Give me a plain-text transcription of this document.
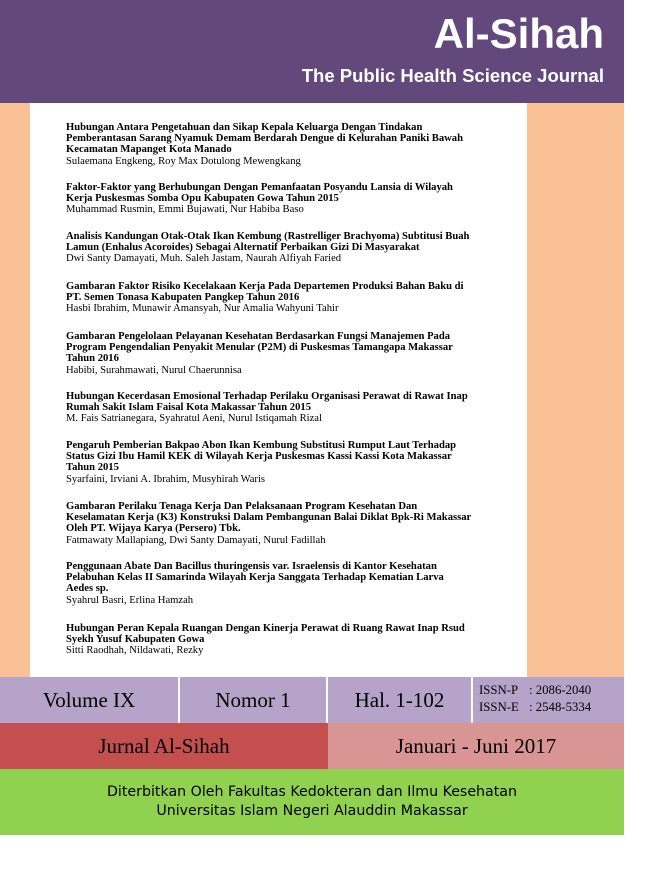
Al-Sihah
The Public Health Science Journal
Hubungan Antara Pengetahuan dan Sikap Kepala Keluarga Dengan Tindakan
Pemberantasan Sarang Nyamuk Demam Berdarah Dengue di Kelurahan Paniki Bawah
Kecamatan Mapanget Kota Manado
Sulaemana Engkeng, Roy Max Dotulong Mewengkang
Faktor-Faktor yang Berhubungan Dengan Pemanfaatan Posyandu Lansia di Wilayah
Kerja Puskesmas Somba Opu Kabupaten Gowa Tahun 2015
Muhammad Rusmin, Emmi Bujawati, Nur Habiba Baso
Analisis Kandungan Otak-Otak Ikan Kembung (Rastrelliger Brachyoma) Subtitusi Buah
Lamun (Enhalus Acoroides) Sebagai Alternatif Perbaikan Gizi Di Masyarakat
Dwi Santy Damayati, Muh. Saleh Jastam, Naurah Alfiyah Faried
Gambaran Faktor Risiko Kecelakaan Kerja Pada Departemen Produksi Bahan Baku di
PT. Semen Tonasa Kabupaten Pangkep Tahun 2016
Hasbi Ibrahim, Munawir Amansyah, Nur Amalia Wahyuni Tahir
Gambaran Pengelolaan Pelayanan Kesehatan Berdasarkan Fungsi Manajemen Pada
Program Pengendalian Penyakit Menular (P2M) di Puskesmas Tamangapa Makassar
Tahun 2016
Habibi, Surahmawati, Nurul Chaerunnisa
Hubungan Kecerdasan Emosional Terhadap Perilaku Organisasi Perawat di Rawat Inap
Rumah Sakit Islam Faisal Kota Makassar Tahun 2015
M. Fais Satrianegara, Syahratul Aeni, Nurul Istiqamah Rizal
Pengaruh Pemberian Bakpao Abon Ikan Kembung Substitusi Rumput Laut Terhadap
Status Gizi Ibu Hamil KEK di Wilayah Kerja Puskesmas Kassi Kassi Kota Makassar
Tahun 2015
Syarfaini, Irviani A. Ibrahim, Musyhirah Waris
Gambaran Perilaku Tenaga Kerja Dan Pelaksanaan Program Kesehatan Dan
Keselamatan Kerja (K3) Konstruksi Dalam Pembangunan Balai Diklat Bpk-Ri Makassar
Oleh PT. Wijaya Karya (Persero) Tbk.
Fatmawaty Mallapiang, Dwi Santy Damayati, Nurul Fadillah
Penggunaan Abate Dan Bacillus thuringensis var. Israelensis di Kantor Kesehatan
Pelabuhan Kelas II Samarinda Wilayah Kerja Sanggata Terhadap Kematian Larva
Aedes sp.
Syahrul Basri, Erlina Hamzah
Hubungan Peran Kepala Ruangan Dengan Kinerja Perawat di Ruang Rawat Inap Rsud
Syekh Yusuf Kabupaten Gowa
Sitti Raodhah, Nildawati, Rezky
Volume IX	Nomor 1	Hal. 1-102	ISSN-P : 2086-2040
ISSN-E : 2548-5334
Jurnal Al-Sihah	Januari - Juni 2017
Diterbitkan Oleh Fakultas Kedokteran dan Ilmu Kesehatan
Universitas Islam Negeri Alauddin Makassar
